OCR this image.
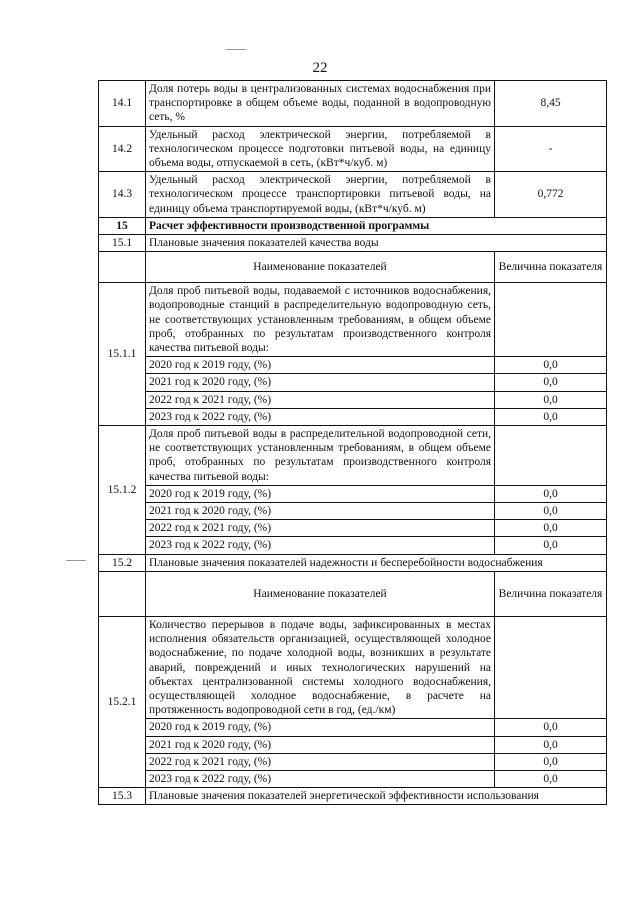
22
14.1	Доля потерь воды в централизованных системах водоснабжения при транспортировке в общем объеме воды, поданной в водопроводную сеть, %	8,45
14.2	Удельный расход электрической энергии, потребляемой в технологическом процессе подготовки питьевой воды, на единицу объема воды, отпускаемой в сеть, (кВт*ч/куб. м)	-
14.3	Удельный расход электрической энергии, потребляемой в технологическом процессе транспортировки питьевой воды, на единицу объема транспортируемой воды, (кВт*ч/куб. м)	0,772
15	Расчет эффективности производственной программы	
15.1	Плановые значения показателей качества воды	
	Наименование показателей	Величина показателя
15.1.1	Доля проб питьевой воды, подаваемой с источников водоснабжения, водопроводные станций в распределительную водопроводную сеть, не соответствующих установленным требованиям, в общем объеме проб, отобранных по результатам производственного контроля качества питьевой воды:	
	2020 год к 2019 году, (%)	0,0
	2021 год к 2020 году, (%)	0,0
	2022 год к 2021 году, (%)	0,0
	2023 год к 2022 году, (%)	0,0
15.1.2	Доля проб питьевой воды в распределительной водопроводной сети, не соответствующих установленным требованиям, в общем объеме проб, отобранных по результатам производственного контроля качества питьевой воды:	
	2020 год к 2019 году, (%)	0,0
	2021 год к 2020 году, (%)	0,0
	2022 год к 2021 году, (%)	0,0
	2023 год к 2022 году, (%)	0,0
15.2	Плановые значения показателей надежности и бесперебойности водоснабжения	
	Наименование показателей	Величина показателя
15.2.1	Количество перерывов в подаче воды, зафиксированных в местах исполнения обязательств организацией, осуществляющей холодное водоснабжение, по подаче холодной воды, возникших в результате аварий, повреждений и иных технологических нарушений на объектах централизованной системы холодного водоснабжения, осуществляющей холодное водоснабжение, в расчете на протяженность водопроводной сети в год, (ед./км)	
	2020 год к 2019 году, (%)	0,0
	2021 год к 2020 году, (%)	0,0
	2022 год к 2021 году, (%)	0,0
	2023 год к 2022 году, (%)	0,0
15.3	Плановые значения показателей энергетической эффективности использования	
